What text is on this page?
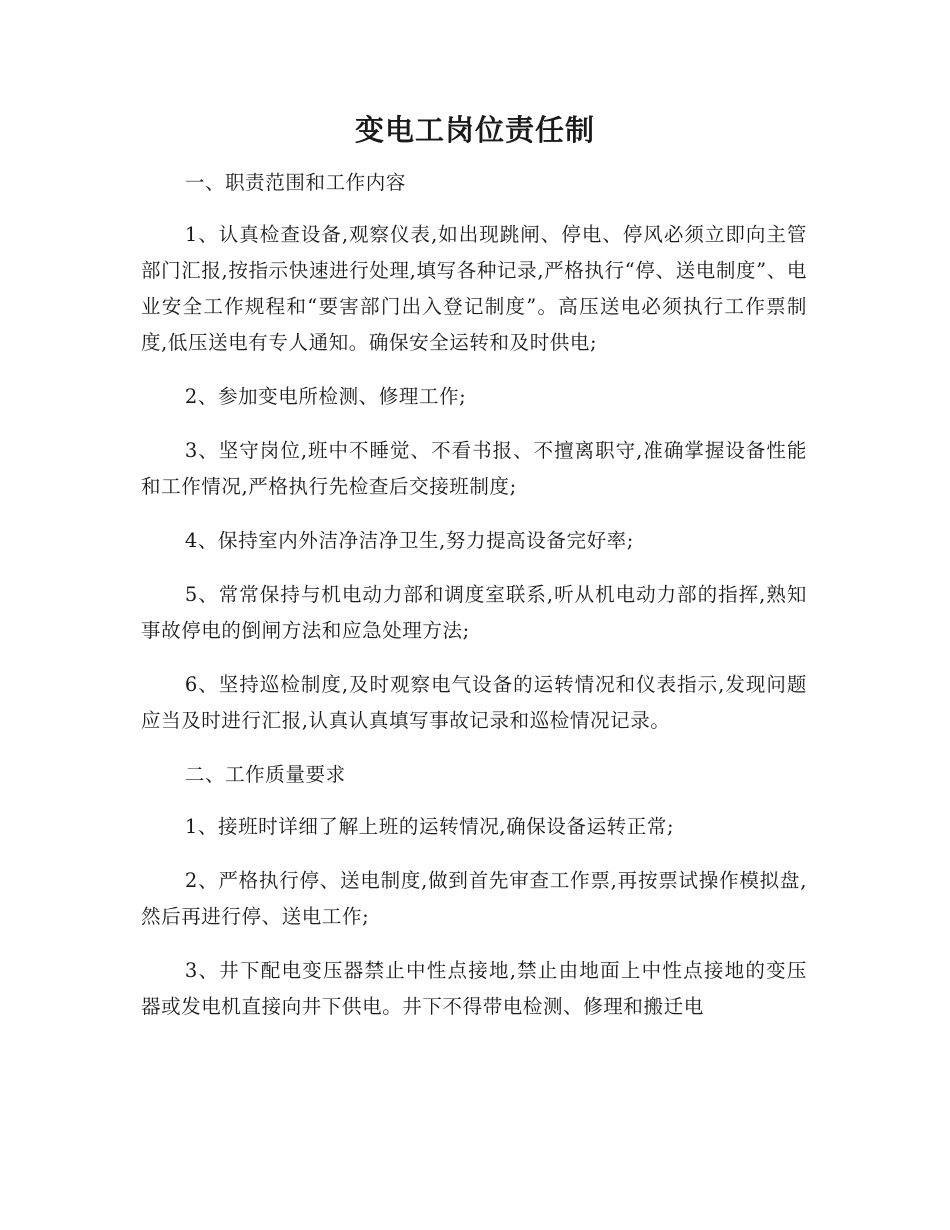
变电工岗位责任制

一、职责范围和工作内容

1、认真检查设备,观察仪表,如出现跳闸、停电、停风必须立即向主管部门汇报,按指示快速进行处理,填写各种记录,严格执行“停、送电制度”、电业安全工作规程和“要害部门出入登记制度”。高压送电必须执行工作票制度,低压送电有专人通知。确保安全运转和及时供电;

2、参加变电所检测、修理工作;

3、坚守岗位,班中不睡觉、不看书报、不擅离职守,准确掌握设备性能和工作情况,严格执行先检查后交接班制度;

4、保持室内外洁净洁净卫生,努力提高设备完好率;

5、常常保持与机电动力部和调度室联系,听从机电动力部的指挥,熟知事故停电的倒闸方法和应急处理方法;

6、坚持巡检制度,及时观察电气设备的运转情况和仪表指示,发现问题应当及时进行汇报,认真认真填写事故记录和巡检情况记录。

二、工作质量要求

1、接班时详细了解上班的运转情况,确保设备运转正常;

2、严格执行停、送电制度,做到首先审查工作票,再按票试操作模拟盘,然后再进行停、送电工作;

3、井下配电变压器禁止中性点接地,禁止由地面上中性点接地的变压器或发电机直接向井下供电。井下不得带电检测、修理和搬迁电
